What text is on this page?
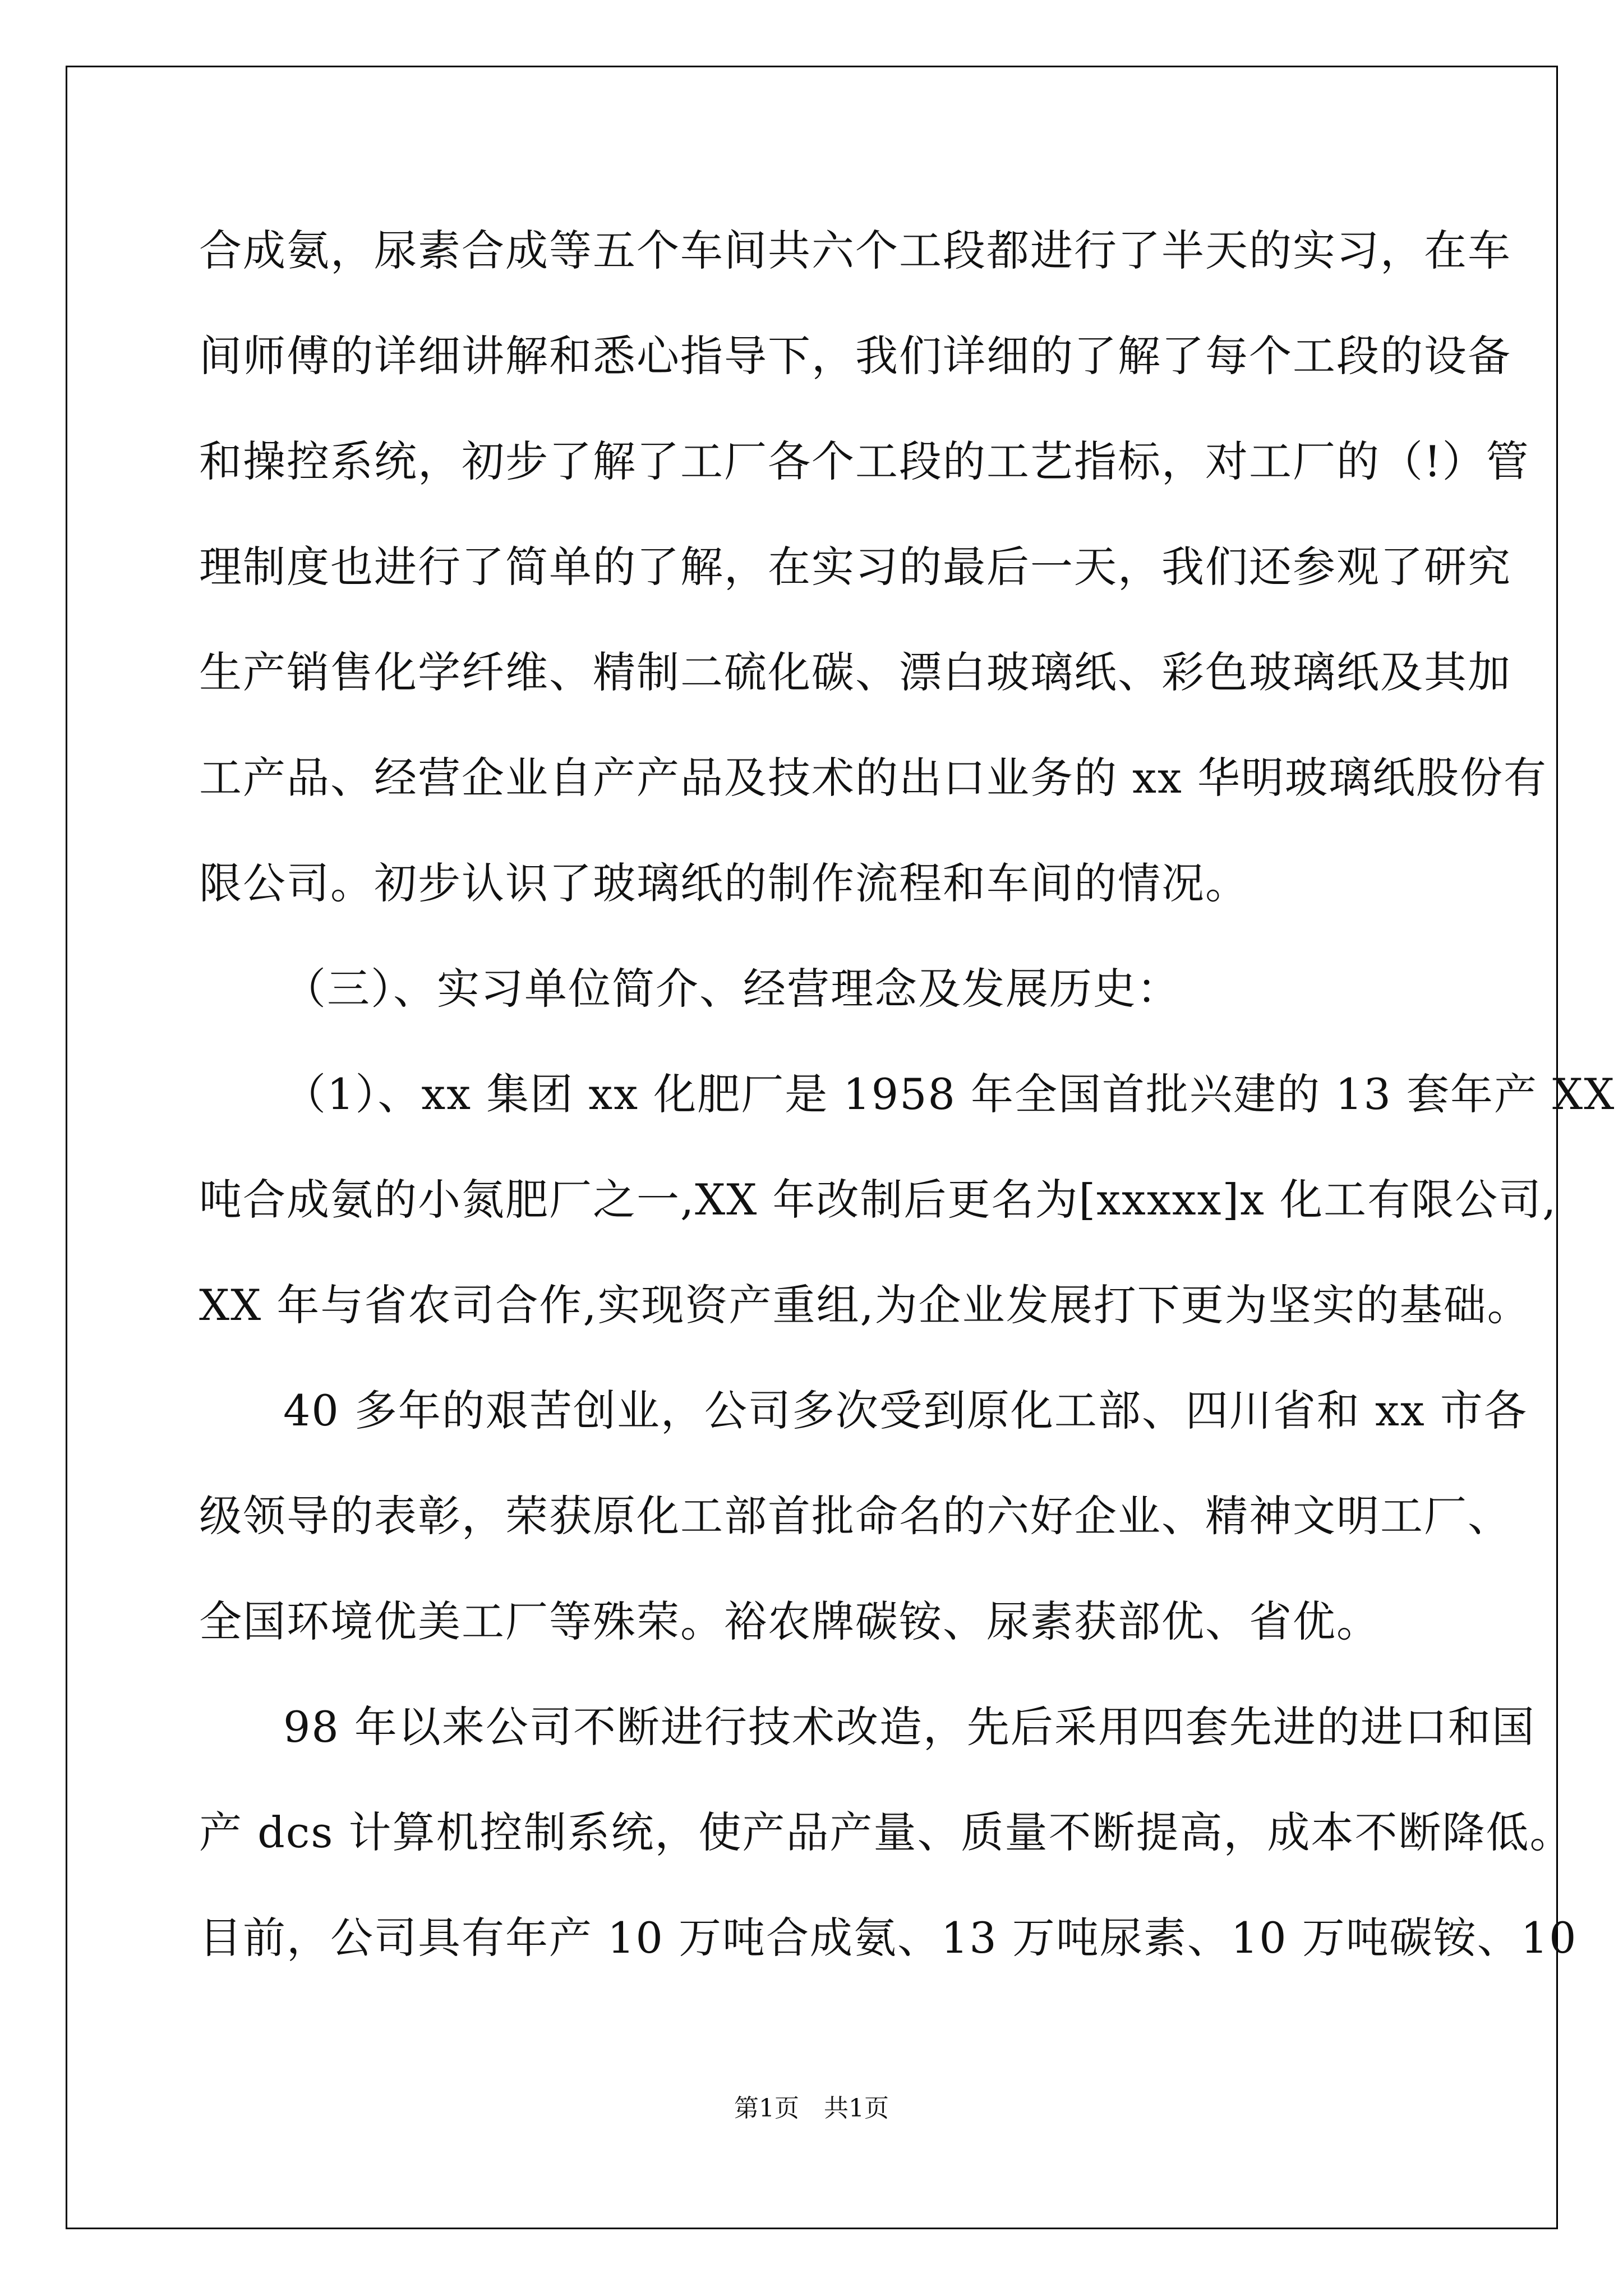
合成氨，尿素合成等五个车间共六个工段都进行了半天的实习，在车
间师傅的详细讲解和悉心指导下，我们详细的了解了每个工段的设备
和操控系统，初步了解了工厂各个工段的工艺指标，对工厂的（!）管
理制度也进行了简单的了解，在实习的最后一天，我们还参观了研究
生产销售化学纤维、精制二硫化碳、漂白玻璃纸、彩色玻璃纸及其加
工产品、经营企业自产产品及技术的出口业务的 xx 华明玻璃纸股份有
限公司。初步认识了玻璃纸的制作流程和车间的情况。
（三）、实习单位简介、经营理念及发展历史：
（1）、xx 集团 xx 化肥厂是 1958 年全国首批兴建的 13 套年产 XX
吨合成氨的小氮肥厂之一,XX 年改制后更名为[xxxxx]x 化工有限公司,
XX 年与省农司合作,实现资产重组,为企业发展打下更为坚实的基础。
40 多年的艰苦创业，公司多次受到原化工部、四川省和 xx 市各
级领导的表彰，荣获原化工部首批命名的六好企业、精神文明工厂、
全国环境优美工厂等殊荣。裕农牌碳铵、尿素获部优、省优。
98 年以来公司不断进行技术改造，先后采用四套先进的进口和国
产 dcs 计算机控制系统，使产品产量、质量不断提高，成本不断降低。
目前，公司具有年产 10 万吨合成氨、13 万吨尿素、10 万吨碳铵、10
第1页　共1页
